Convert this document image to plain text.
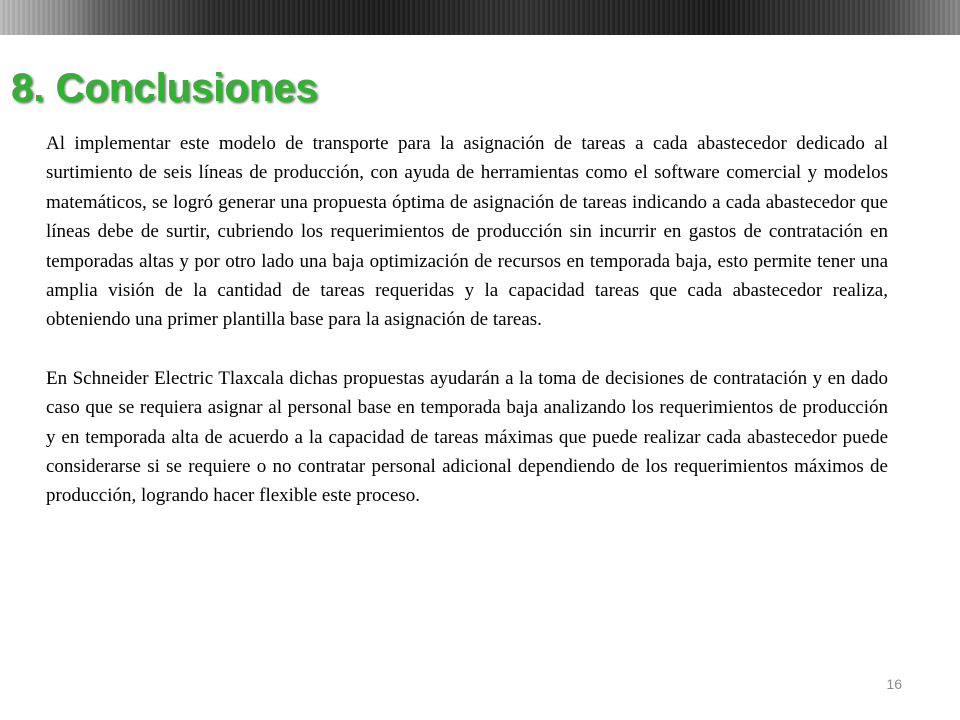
8. Conclusiones

Al implementar este modelo de transporte para la asignación de tareas a cada abastecedor dedicado al surtimiento de seis líneas de producción, con ayuda de herramientas como el software comercial y modelos matemáticos, se logró generar una propuesta óptima de asignación de tareas indicando a cada abastecedor que líneas debe de surtir, cubriendo los requerimientos de producción sin incurrir en gastos de contratación en temporadas altas y por otro lado una baja optimización de recursos en temporada baja, esto permite tener una amplia visión de la cantidad de tareas requeridas y la capacidad tareas que cada abastecedor realiza, obteniendo una primer plantilla base para la asignación de tareas.

En Schneider Electric Tlaxcala dichas propuestas ayudarán a la toma de decisiones de contratación y en dado caso que se requiera asignar al personal base en temporada baja analizando los requerimientos de producción y en temporada alta de acuerdo a la capacidad de tareas máximas que puede realizar cada abastecedor puede considerarse si se requiere o no contratar personal adicional dependiendo de los requerimientos máximos de producción, logrando hacer flexible este proceso.

16
